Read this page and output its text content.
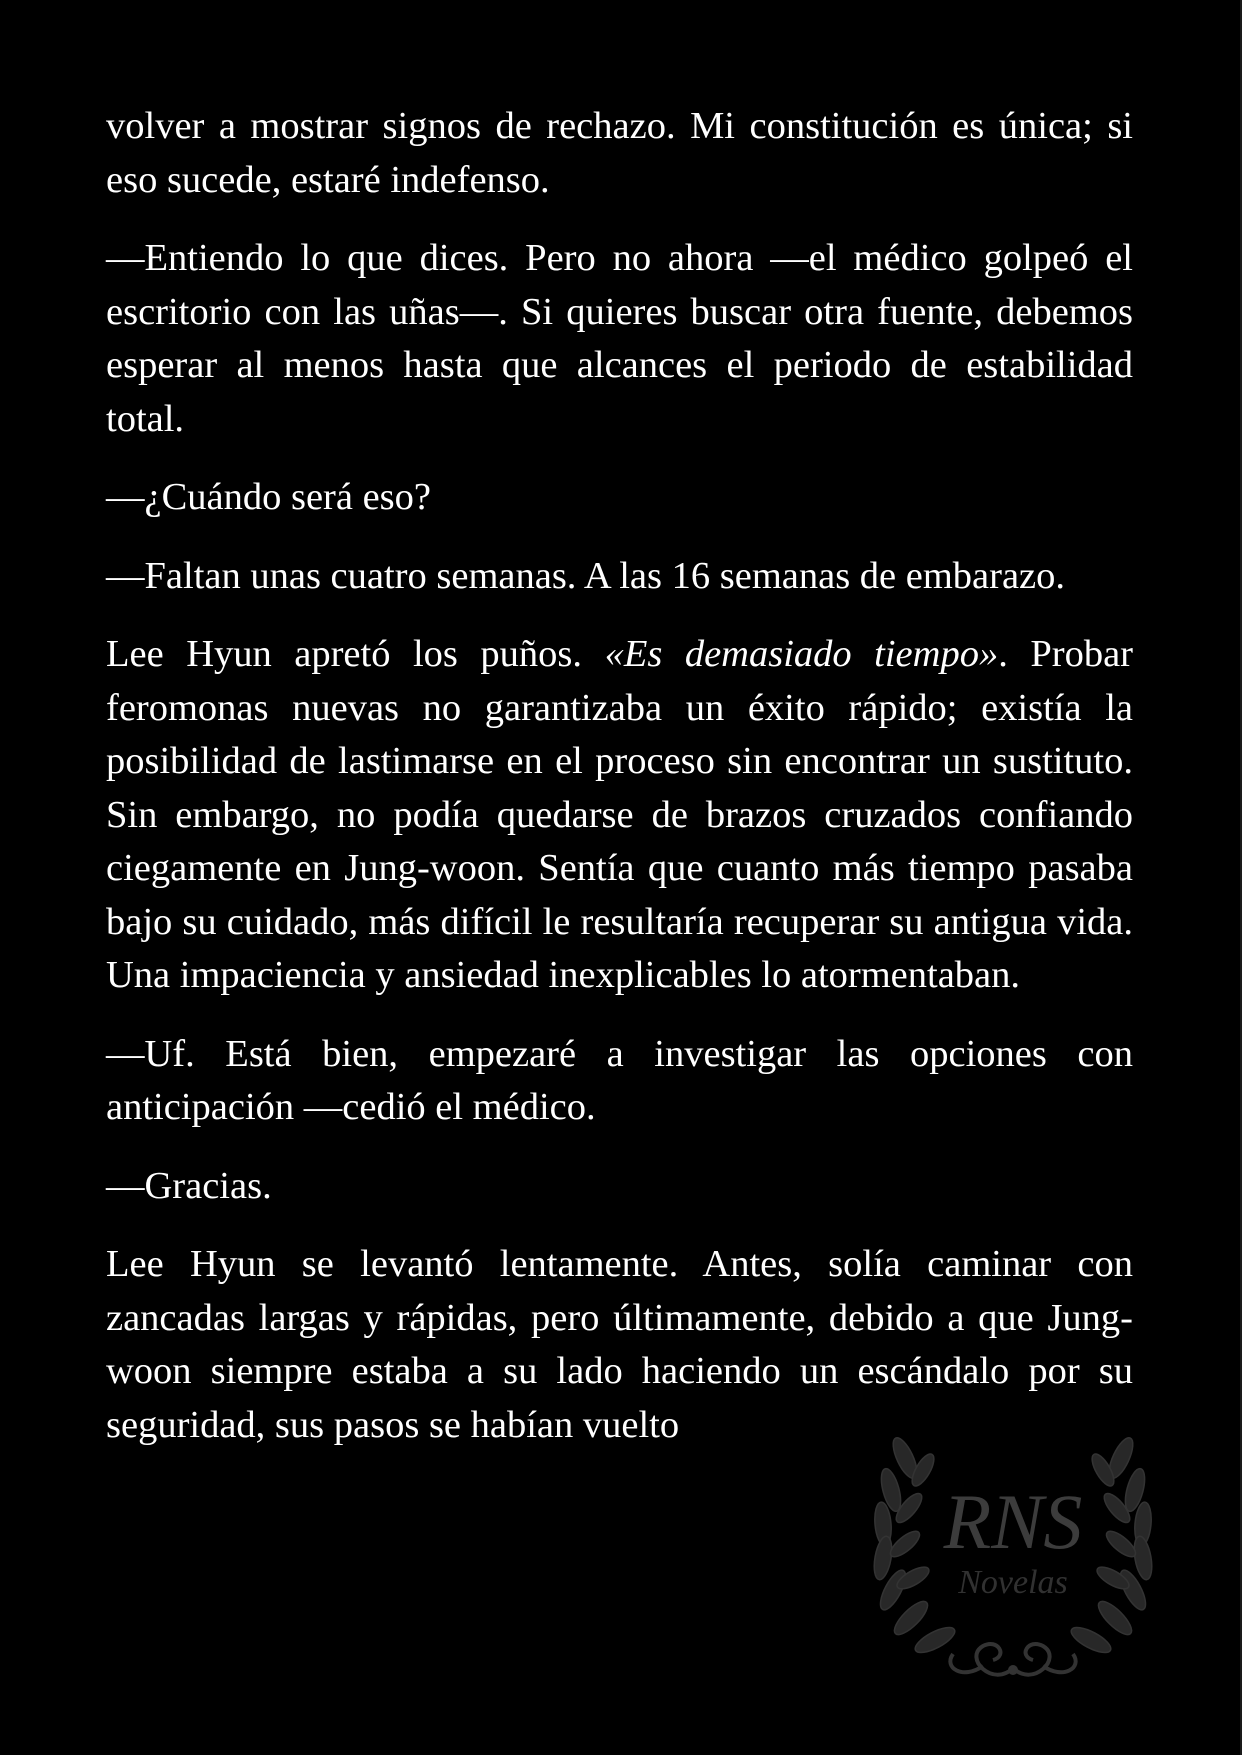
volver a mostrar signos de rechazo. Mi constitución es única; si eso sucede, estaré indefenso.

—Entiendo lo que dices. Pero no ahora —el médico golpeó el escritorio con las uñas—. Si quieres buscar otra fuente, debemos esperar al menos hasta que alcances el periodo de estabilidad total.

—¿Cuándo será eso?

—Faltan unas cuatro semanas. A las 16 semanas de embarazo.

Lee Hyun apretó los puños. «Es demasiado tiempo». Probar feromonas nuevas no garantizaba un éxito rápido; existía la posibilidad de lastimarse en el proceso sin encontrar un sustituto. Sin embargo, no podía quedarse de brazos cruzados confiando ciegamente en Jung-woon. Sentía que cuanto más tiempo pasaba bajo su cuidado, más difícil le resultaría recuperar su antigua vida. Una impaciencia y ansiedad inexplicables lo atormentaban.

—Uf. Está bien, empezaré a investigar las opciones con anticipación —cedió el médico.

—Gracias.

Lee Hyun se levantó lentamente. Antes, solía caminar con zancadas largas y rápidas, pero últimamente, debido a que Jung-woon siempre estaba a su lado haciendo un escándalo por su seguridad, sus pasos se habían vuelto

RNS
Novelas
